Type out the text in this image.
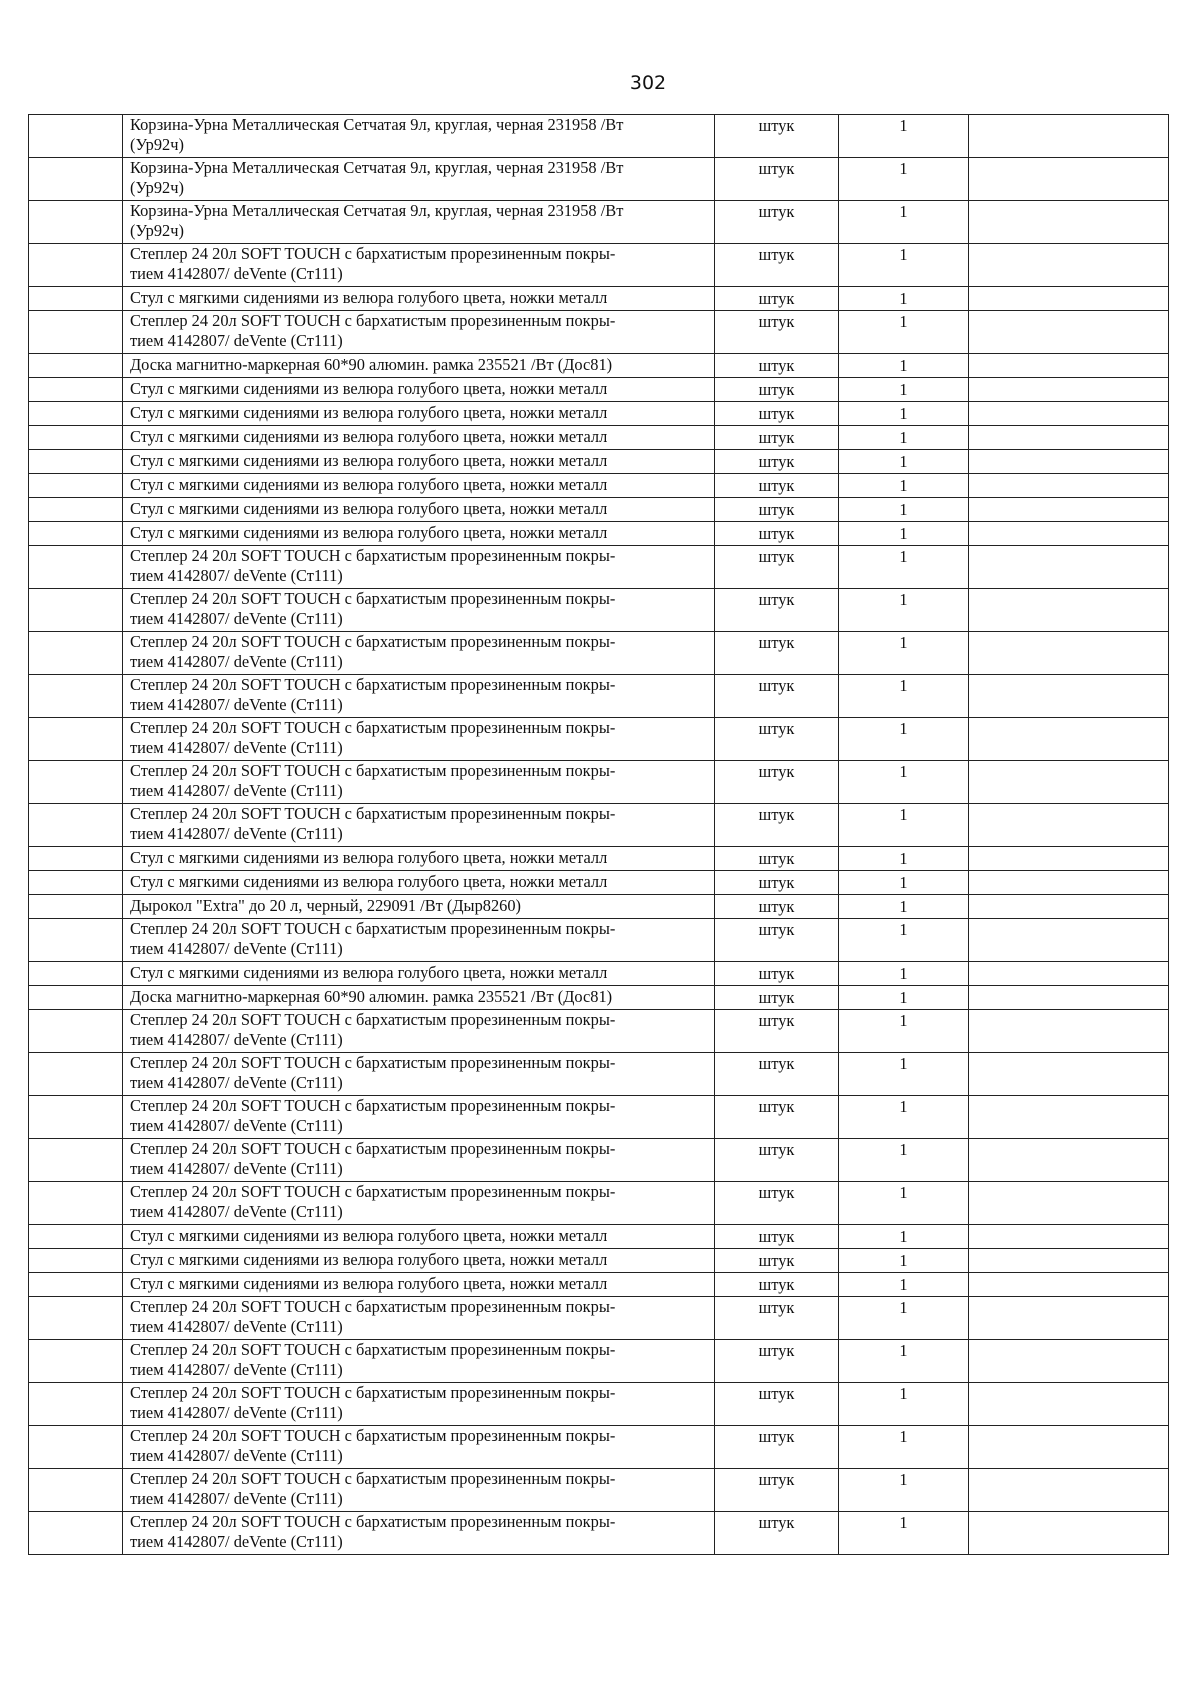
302

	Корзина-Урна Металлическая Сетчатая 9л, круглая, черная 231958 /Вт
(Ур92ч)	штук	1	

	Корзина-Урна Металлическая Сетчатая 9л, круглая, черная 231958 /Вт
(Ур92ч)	штук	1	

	Корзина-Урна Металлическая Сетчатая 9л, круглая, черная 231958 /Вт
(Ур92ч)	штук	1	

	Степлер 24 20л SOFT TOUCH с бархатистым прорезиненным покры-
тием 4142807/ deVente (Ст111)	штук	1	

	Стул с мягкими сидениями из велюра голубого цвета, ножки металл	штук	1	

	Степлер 24 20л SOFT TOUCH с бархатистым прорезиненным покры-
тием 4142807/ deVente (Ст111)	штук	1	

	Доска магнитно-маркерная 60*90 алюмин. рамка 235521 /Вт (Дос81)	штук	1	

	Стул с мягкими сидениями из велюра голубого цвета, ножки металл	штук	1	

	Стул с мягкими сидениями из велюра голубого цвета, ножки металл	штук	1	

	Стул с мягкими сидениями из велюра голубого цвета, ножки металл	штук	1	

	Стул с мягкими сидениями из велюра голубого цвета, ножки металл	штук	1	

	Стул с мягкими сидениями из велюра голубого цвета, ножки металл	штук	1	

	Стул с мягкими сидениями из велюра голубого цвета, ножки металл	штук	1	

	Стул с мягкими сидениями из велюра голубого цвета, ножки металл	штук	1	

	Степлер 24 20л SOFT TOUCH с бархатистым прорезиненным покры-
тием 4142807/ deVente (Ст111)	штук	1	

	Степлер 24 20л SOFT TOUCH с бархатистым прорезиненным покры-
тием 4142807/ deVente (Ст111)	штук	1	

	Степлер 24 20л SOFT TOUCH с бархатистым прорезиненным покры-
тием 4142807/ deVente (Ст111)	штук	1	

	Степлер 24 20л SOFT TOUCH с бархатистым прорезиненным покры-
тием 4142807/ deVente (Ст111)	штук	1	

	Степлер 24 20л SOFT TOUCH с бархатистым прорезиненным покры-
тием 4142807/ deVente (Ст111)	штук	1	

	Степлер 24 20л SOFT TOUCH с бархатистым прорезиненным покры-
тием 4142807/ deVente (Ст111)	штук	1	

	Степлер 24 20л SOFT TOUCH с бархатистым прорезиненным покры-
тием 4142807/ deVente (Ст111)	штук	1	

	Стул с мягкими сидениями из велюра голубого цвета, ножки металл	штук	1	

	Стул с мягкими сидениями из велюра голубого цвета, ножки металл	штук	1	

	Дырокол "Extra" до 20 л, черный, 229091 /Вт (Дыр8260)	штук	1	

	Степлер 24 20л SOFT TOUCH с бархатистым прорезиненным покры-
тием 4142807/ deVente (Ст111)	штук	1	

	Стул с мягкими сидениями из велюра голубого цвета, ножки металл	штук	1	

	Доска магнитно-маркерная 60*90 алюмин. рамка 235521 /Вт (Дос81)	штук	1	

	Степлер 24 20л SOFT TOUCH с бархатистым прорезиненным покры-
тием 4142807/ deVente (Ст111)	штук	1	

	Степлер 24 20л SOFT TOUCH с бархатистым прорезиненным покры-
тием 4142807/ deVente (Ст111)	штук	1	

	Степлер 24 20л SOFT TOUCH с бархатистым прорезиненным покры-
тием 4142807/ deVente (Ст111)	штук	1	

	Степлер 24 20л SOFT TOUCH с бархатистым прорезиненным покры-
тием 4142807/ deVente (Ст111)	штук	1	

	Степлер 24 20л SOFT TOUCH с бархатистым прорезиненным покры-
тием 4142807/ deVente (Ст111)	штук	1	

	Стул с мягкими сидениями из велюра голубого цвета, ножки металл	штук	1	

	Стул с мягкими сидениями из велюра голубого цвета, ножки металл	штук	1	

	Стул с мягкими сидениями из велюра голубого цвета, ножки металл	штук	1	

	Степлер 24 20л SOFT TOUCH с бархатистым прорезиненным покры-
тием 4142807/ deVente (Ст111)	штук	1	

	Степлер 24 20л SOFT TOUCH с бархатистым прорезиненным покры-
тием 4142807/ deVente (Ст111)	штук	1	

	Степлер 24 20л SOFT TOUCH с бархатистым прорезиненным покры-
тием 4142807/ deVente (Ст111)	штук	1	

	Степлер 24 20л SOFT TOUCH с бархатистым прорезиненным покры-
тием 4142807/ deVente (Ст111)	штук	1	

	Степлер 24 20л SOFT TOUCH с бархатистым прорезиненным покры-
тием 4142807/ deVente (Ст111)	штук	1	

	Степлер 24 20л SOFT TOUCH с бархатистым прорезиненным покры-
тием 4142807/ deVente (Ст111)	штук	1	
